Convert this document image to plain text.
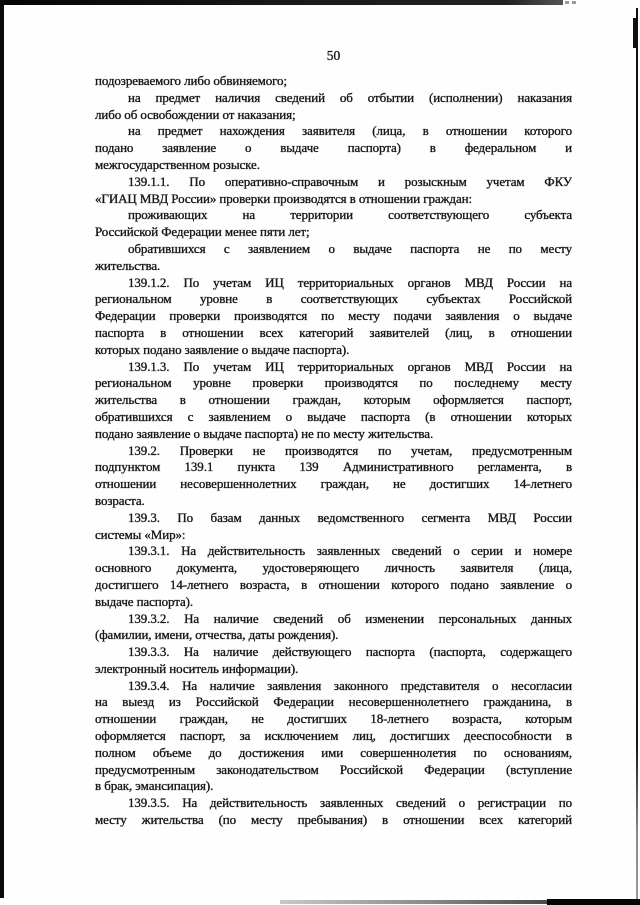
50
подозреваемого либо обвиняемого;
на предмет наличия сведений об отбытии (исполнении) наказания
либо об освобождении от наказания;
на предмет нахождения заявителя (лица, в отношении которого
подано заявление о выдаче паспорта) в федеральном и
межгосударственном розыске.
139.1.1. По оперативно-справочным и розыскным учетам ФКУ
«ГИАЦ МВД России» проверки производятся в отношении граждан:
проживающих на территории соответствующего субъекта
Российской Федерации менее пяти лет;
обратившихся с заявлением о выдаче паспорта не по месту
жительства.
139.1.2. По учетам ИЦ территориальных органов МВД России на
региональном уровне в соответствующих субъектах Российской
Федерации проверки производятся по месту подачи заявления о выдаче
паспорта в отношении всех категорий заявителей (лиц, в отношении
которых подано заявление о выдаче паспорта).
139.1.3. По учетам ИЦ территориальных органов МВД России на
региональном уровне проверки производятся по последнему месту
жительства в отношении граждан, которым оформляется паспорт,
обратившихся с заявлением о выдаче паспорта (в отношении которых
подано заявление о выдаче паспорта) не по месту жительства.
139.2. Проверки не производятся по учетам, предусмотренным
подпунктом 139.1 пункта 139 Административного регламента, в
отношении несовершеннолетних граждан, не достигших 14-летнего
возраста.
139.3. По базам данных ведомственного сегмента МВД России
системы «Мир»:
139.3.1. На действительность заявленных сведений о серии и номере
основного документа, удостоверяющего личность заявителя (лица,
достигшего 14-летнего возраста, в отношении которого подано заявление о
выдаче паспорта).
139.3.2. На наличие сведений об изменении персональных данных
(фамилии, имени, отчества, даты рождения).
139.3.3. На наличие действующего паспорта (паспорта, содержащего
электронный носитель информации).
139.3.4. На наличие заявления законного представителя о несогласии
на выезд из Российской Федерации несовершеннолетнего гражданина, в
отношении граждан, не достигших 18-летнего возраста, которым
оформляется паспорт, за исключением лиц, достигших дееспособности в
полном объеме до достижения ими совершеннолетия по основаниям,
предусмотренным законодательством Российской Федерации (вступление
в брак, эмансипация).
139.3.5. На действительность заявленных сведений о регистрации по
месту жительства (по месту пребывания) в отношении всех категорий
